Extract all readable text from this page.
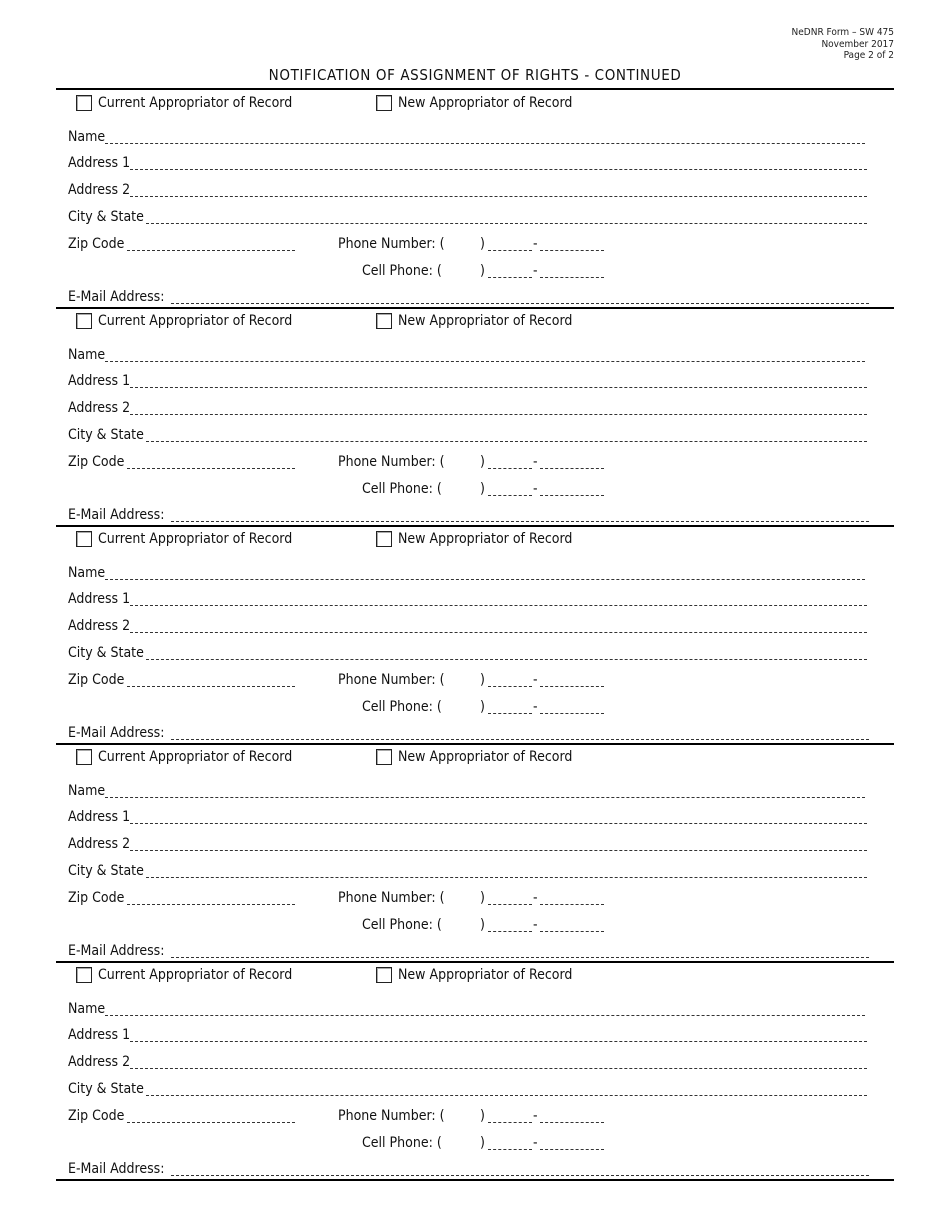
NeDNR Form – SW 475
November 2017
Page 2 of 2
NOTIFICATION OF ASSIGNMENT OF RIGHTS - CONTINUED
Current Appropriator of Record	New Appropriator of Record
Name
Address 1
Address 2
City & State
Zip Code	Phone Number: (	)	-
Cell Phone: (	)	-
E-Mail Address:
Current Appropriator of Record	New Appropriator of Record
Name
Address 1
Address 2
City & State
Zip Code	Phone Number: (	)	-
Cell Phone: (	)	-
E-Mail Address:
Current Appropriator of Record	New Appropriator of Record
Name
Address 1
Address 2
City & State
Zip Code	Phone Number: (	)	-
Cell Phone: (	)	-
E-Mail Address:
Current Appropriator of Record	New Appropriator of Record
Name
Address 1
Address 2
City & State
Zip Code	Phone Number: (	)	-
Cell Phone: (	)	-
E-Mail Address:
Current Appropriator of Record	New Appropriator of Record
Name
Address 1
Address 2
City & State
Zip Code	Phone Number: (	)	-
Cell Phone: (	)	-
E-Mail Address:
